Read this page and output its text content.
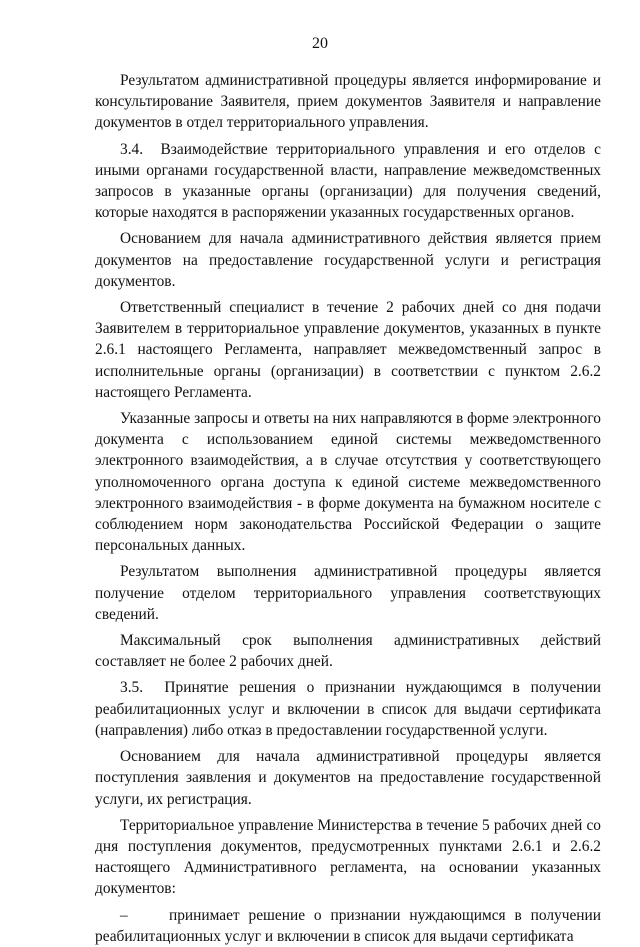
20

Результатом административной процедуры является информирование и консультирование Заявителя, прием документов Заявителя и направление документов в отдел территориального управления.

3.4.  Взаимодействие территориального управления и его отделов с иными органами государственной власти, направление межведомственных запросов в указанные органы (организации) для получения сведений, которые находятся в распоряжении указанных государственных органов.

Основанием для начала административного действия является прием документов на предоставление государственной услуги и регистрация документов.

Ответственный специалист в течение 2 рабочих дней со дня подачи Заявителем в территориальное управление документов, указанных в пункте 2.6.1 настоящего Регламента, направляет межведомственный запрос в исполнительные органы (организации) в соответствии с пунктом 2.6.2 настоящего Регламента.

Указанные запросы и ответы на них направляются в форме электронного документа с использованием единой системы межведомственного электронного взаимодействия, а в случае отсутствия у соответствующего уполномоченного органа доступа к единой системе межведомственного электронного взаимодействия - в форме документа на бумажном носителе с соблюдением норм законодательства Российской Федерации о защите персональных данных.

Результатом выполнения административной процедуры является получение отделом территориального управления соответствующих сведений.

Максимальный срок выполнения административных действий составляет не более 2 рабочих дней.

3.5.  Принятие решения о признании нуждающимся в получении реабилитационных услуг и включении в список для выдачи сертификата (направления) либо отказ в предоставлении государственной услуги.

Основанием для начала административной процедуры является поступления заявления и документов на предоставление государственной услуги, их регистрация.

Территориальное управление Министерства в течение 5 рабочих дней со дня поступления документов, предусмотренных пунктами 2.6.1 и 2.6.2 настоящего Административного регламента, на основании указанных документов:

–	принимает решение о признании нуждающимся в получении реабилитационных услуг и включении в список для выдачи сертификата
